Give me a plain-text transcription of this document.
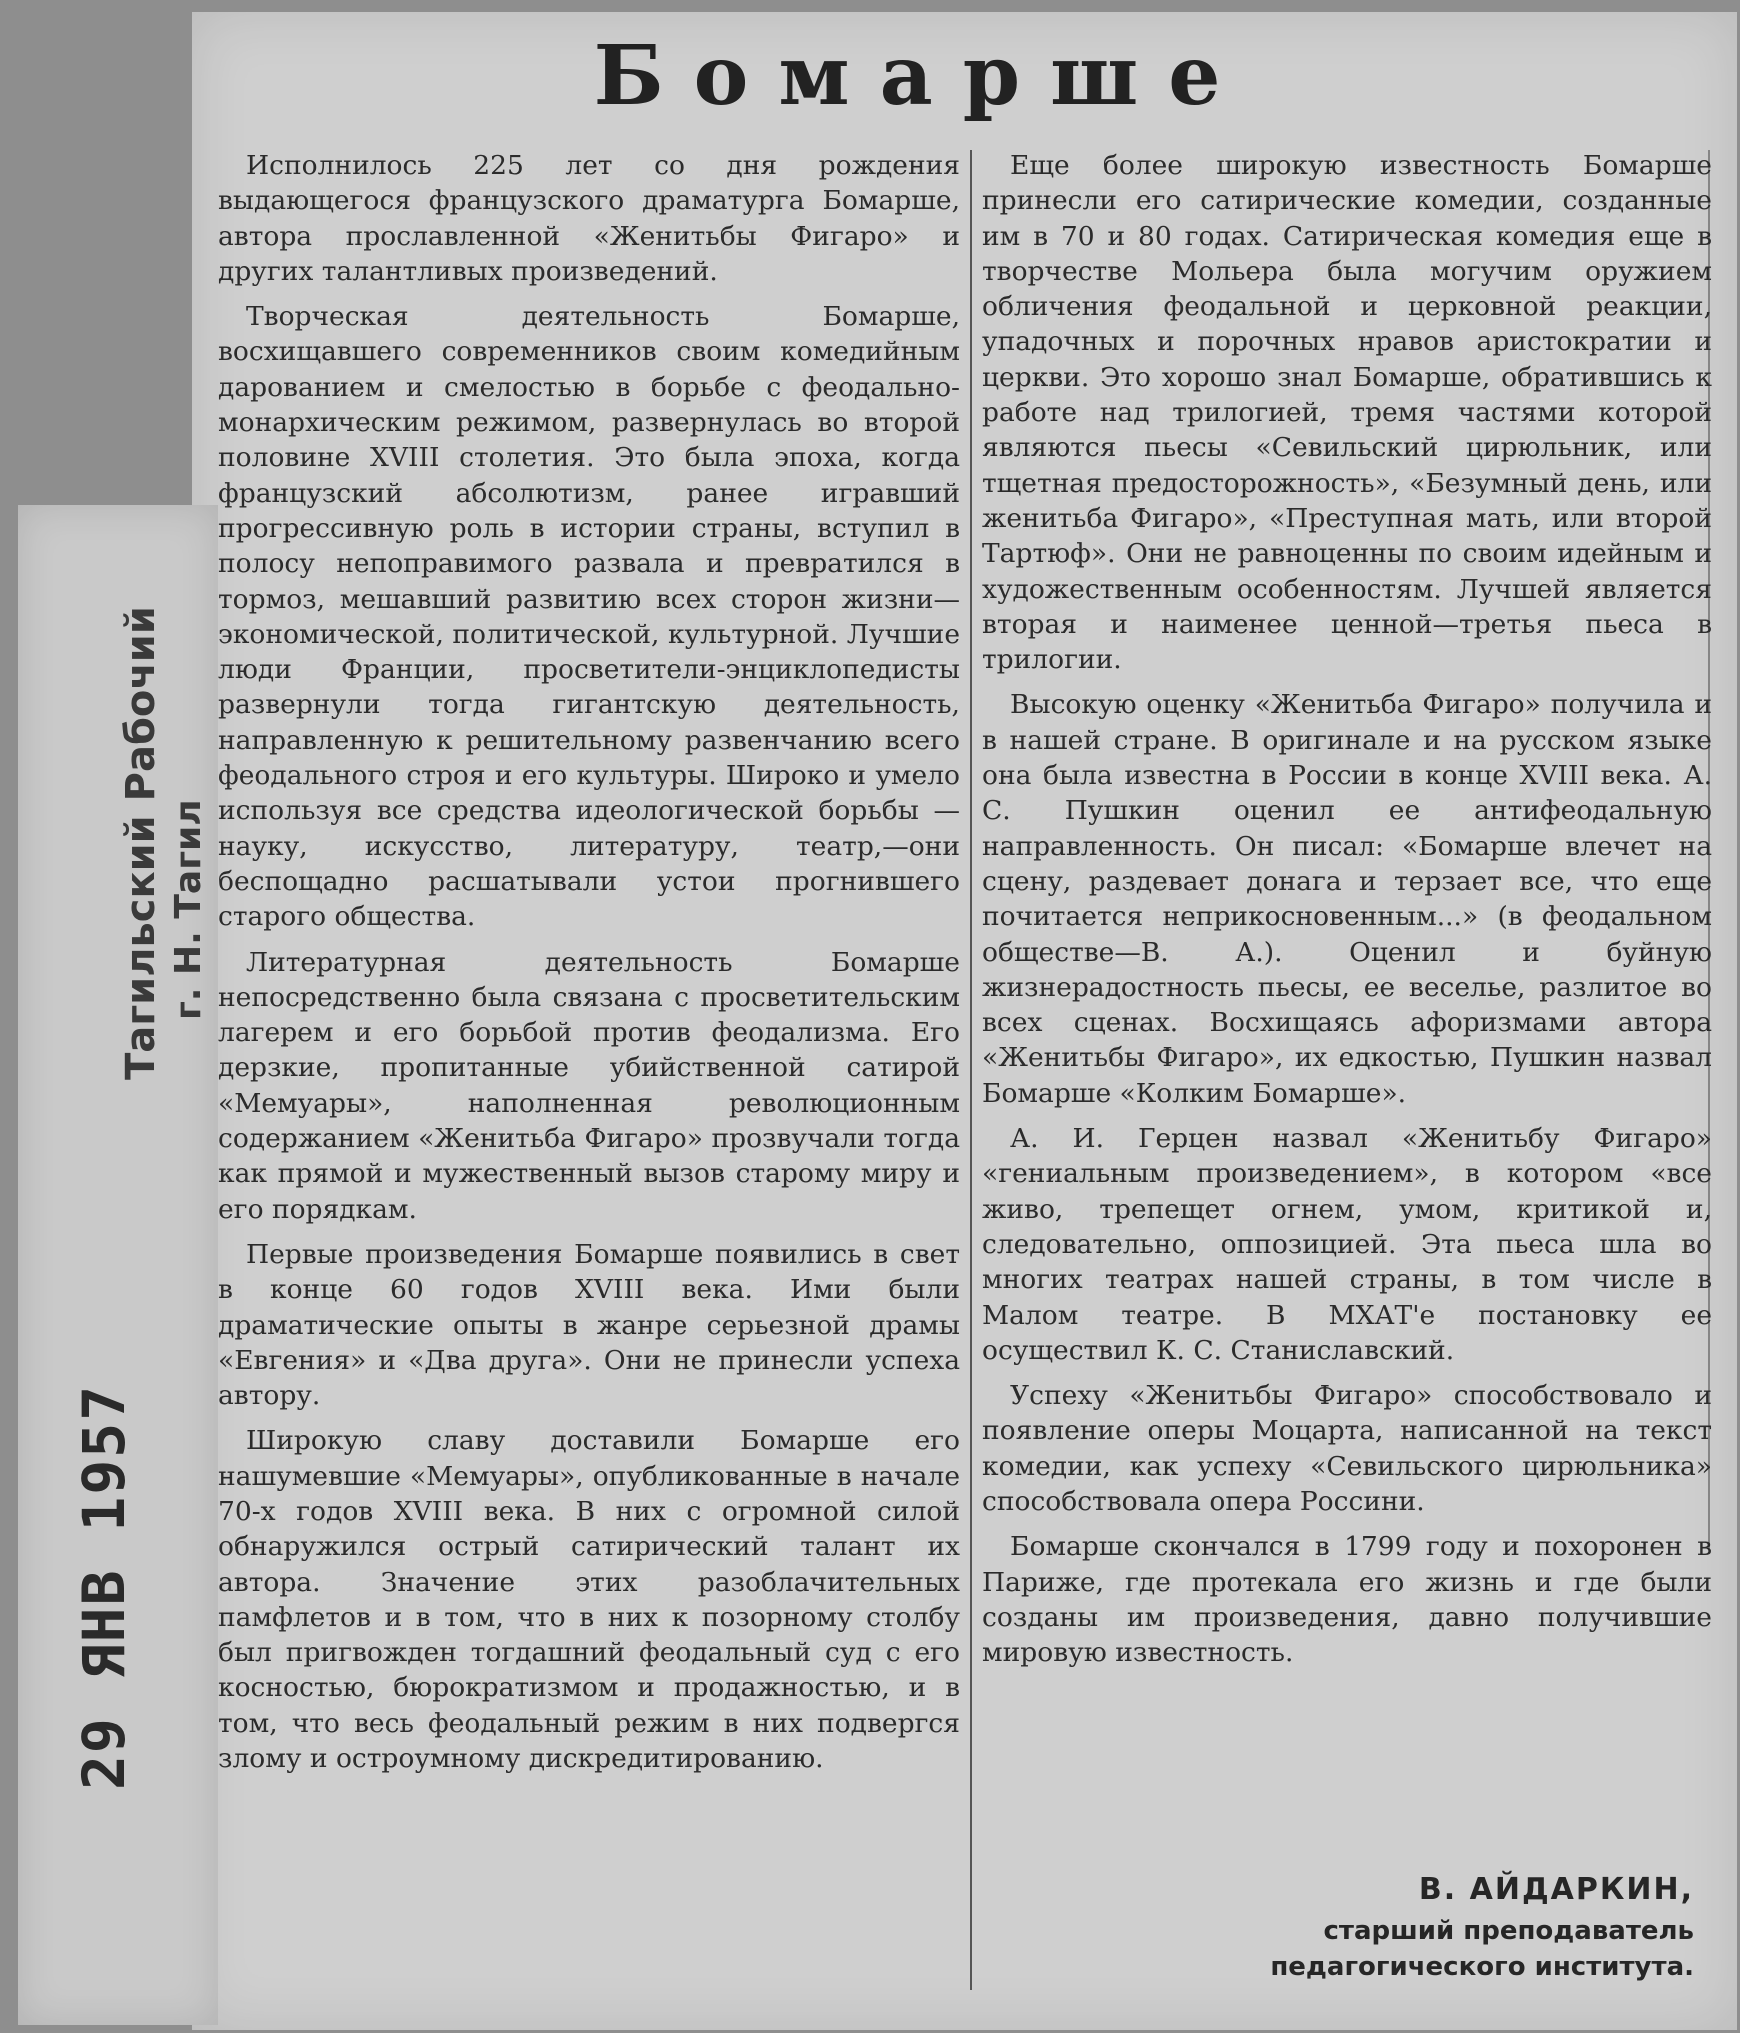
Бомарше

Исполнилось 225 лет со дня рождения выдающегося французского драматурга Бомарше, автора прославленной «Женитьбы Фигаро» и других талантливых произведений.

Творческая деятельность Бомарше, восхищавшего современников своим комедийным дарованием и смелостью в борьбе с феодально-монархическим режимом, развернулась во второй половине XVIII столетия. Это была эпоха, когда французский абсолютизм, ранее игравший прогрессивную роль в истории страны, вступил в полосу непоправимого развала и превратился в тормоз, мешавший развитию всех сторон жизни—экономической, политической, культурной. Лучшие люди Франции, просветители-энциклопедисты развернули тогда гигантскую деятельность, направленную к решительному развенчанию всего феодального строя и его культуры. Широко и умело используя все средства идеологической борьбы — науку, искусство, литературу, театр,—они беспощадно расшатывали устои прогнившего старого общества.

Литературная деятельность Бомарше непосредственно была связана с просветительским лагерем и его борьбой против феодализма. Его дерзкие, пропитанные убийственной сатирой «Мемуары», наполненная революционным содержанием «Женитьба Фигаро» прозвучали тогда как прямой и мужественный вызов старому миру и его порядкам.

Первые произведения Бомарше появились в свет в конце 60 годов XVIII века. Ими были драматические опыты в жанре серьезной драмы «Евгения» и «Два друга». Они не принесли успеха автору.

Широкую славу доставили Бомарше его нашумевшие «Мемуары», опубликованные в начале 70-х годов XVIII века. В них с огромной силой обнаружился острый сатирический талант их автора. Значение этих разоблачительных памфлетов и в том, что в них к позорному столбу был пригвожден тогдашний феодальный суд с его косностью, бюрократизмом и продажностью, и в том, что весь феодальный режим в них подвергся злому и остроумному дискредитированию.

Еще более широкую известность Бомарше принесли его сатирические комедии, созданные им в 70 и 80 годах. Сатирическая комедия еще в творчестве Мольера была могучим оружием обличения феодальной и церковной реакции, упадочных и порочных нравов аристократии и церкви. Это хорошо знал Бомарше, обратившись к работе над трилогией, тремя частями которой являются пьесы «Севильский цирюльник, или тщетная предосторожность», «Безумный день, или женитьба Фигаро», «Преступная мать, или второй Тартюф». Они не равноценны по своим идейным и художественным особенностям. Лучшей является вторая и наименее ценной—третья пьеса в трилогии.

Высокую оценку «Женитьба Фигаро» получила и в нашей стране. В оригинале и на русском языке она была известна в России в конце XVIII века. А. С. Пушкин оценил ее антифеодальную направленность. Он писал: «Бомарше влечет на сцену, раздевает донага и терзает все, что еще почитается неприкосновенным...» (в феодальном обществе—В. А.). Оценил и буйную жизнерадостность пьесы, ее веселье, разлитое во всех сценах. Восхищаясь афоризмами автора «Женитьбы Фигаро», их едкостью, Пушкин назвал Бомарше «Колким Бомарше».

А. И. Герцен назвал «Женитьбу Фигаро» «гениальным произведением», в котором «все живо, трепещет огнем, умом, критикой и, следовательно, оппозицией. Эта пьеса шла во многих театрах нашей страны, в том числе в Малом театре. В МХАТ'е постановку ее осуществил К. С. Станиславский.

Успеху «Женитьбы Фигаро» способствовало и появление оперы Моцарта, написанной на текст комедии, как успеху «Севильского цирюльника» способствовала опера Россини.

Бомарше скончался в 1799 году и похоронен в Париже, где протекала его жизнь и где были созданы им произведения, давно получившие мировую известность.

В. АЙДАРКИН,

старший преподаватель

педагогического института.

Тагильский Рабочий г. Н. Тагил
29 ЯНВ 1957
